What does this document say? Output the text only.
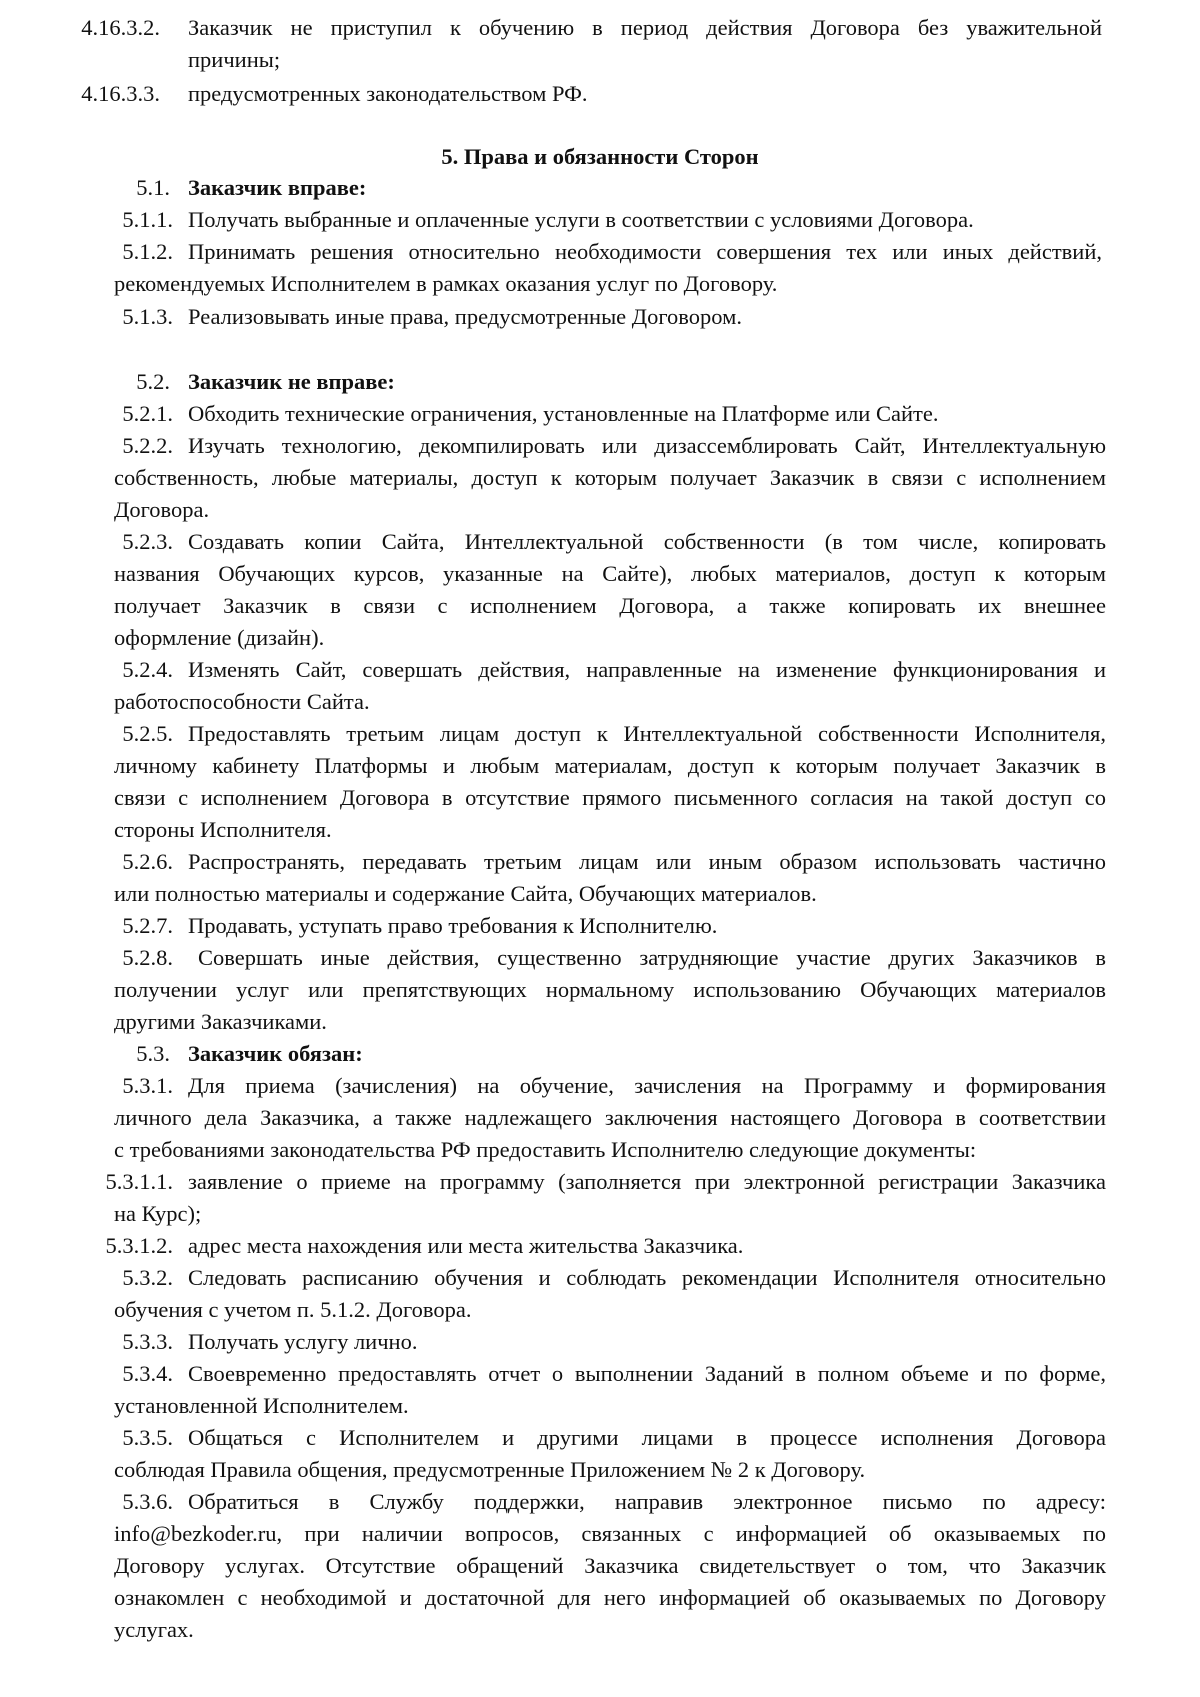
4.16.3.2. Заказчик не приступил к обучению в период действия Договора без уважительной
причины;
4.16.3.3. предусмотренных законодательством РФ.
5. Права и обязанности Сторон
5.1. Заказчик вправе:
5.1.1. Получать выбранные и оплаченные услуги в соответствии с условиями Договора.
5.1.2. Принимать решения относительно необходимости совершения тех или иных действий,
рекомендуемых Исполнителем в рамках оказания услуг по Договору.
5.1.3. Реализовывать иные права, предусмотренные Договором.
5.2. Заказчик не вправе:
5.2.1. Обходить технические ограничения, установленные на Платформе или Сайте.
5.2.2. Изучать технологию, декомпилировать или дизассемблировать Сайт, Интеллектуальную
собственность, любые материалы, доступ к которым получает Заказчик в связи с исполнением
Договора.
5.2.3. Создавать копии Сайта, Интеллектуальной собственности (в том числе, копировать
названия Обучающих курсов, указанные на Сайте), любых материалов, доступ к которым
получает Заказчик в связи с исполнением Договора, а также копировать их внешнее
оформление (дизайн).
5.2.4. Изменять Сайт, совершать действия, направленные на изменение функционирования и
работоспособности Сайта.
5.2.5. Предоставлять третьим лицам доступ к Интеллектуальной собственности Исполнителя,
личному кабинету Платформы и любым материалам, доступ к которым получает Заказчик в
связи с исполнением Договора в отсутствие прямого письменного согласия на такой доступ со
стороны Исполнителя.
5.2.6. Распространять, передавать третьим лицам или иным образом использовать частично
или полностью материалы и содержание Сайта, Обучающих материалов.
5.2.7. Продавать, уступать право требования к Исполнителю.
5.2.8. Совершать иные действия, существенно затрудняющие участие других Заказчиков в
получении услуг или препятствующих нормальному использованию Обучающих материалов
другими Заказчиками.
5.3. Заказчик обязан:
5.3.1. Для приема (зачисления) на обучение, зачисления на Программу и формирования
личного дела Заказчика, а также надлежащего заключения настоящего Договора в соответствии
с требованиями законодательства РФ предоставить Исполнителю следующие документы:
5.3.1.1. заявление о приеме на программу (заполняется при электронной регистрации Заказчика
на Курс);
5.3.1.2. адрес места нахождения или места жительства Заказчика.
5.3.2. Следовать расписанию обучения и соблюдать рекомендации Исполнителя относительно
обучения с учетом п. 5.1.2. Договора.
5.3.3. Получать услугу лично.
5.3.4. Своевременно предоставлять отчет о выполнении Заданий в полном объеме и по форме,
установленной Исполнителем.
5.3.5. Общаться с Исполнителем и другими лицами в процессе исполнения Договора
соблюдая Правила общения, предусмотренные Приложением № 2 к Договору.
5.3.6. Обратиться в Службу поддержки, направив электронное письмо по адресу:
info@bezkoder.ru, при наличии вопросов, связанных с информацией об оказываемых по
Договору услугах. Отсутствие обращений Заказчика свидетельствует о том, что Заказчик
ознакомлен с необходимой и достаточной для него информацией об оказываемых по Договору
услугах.
